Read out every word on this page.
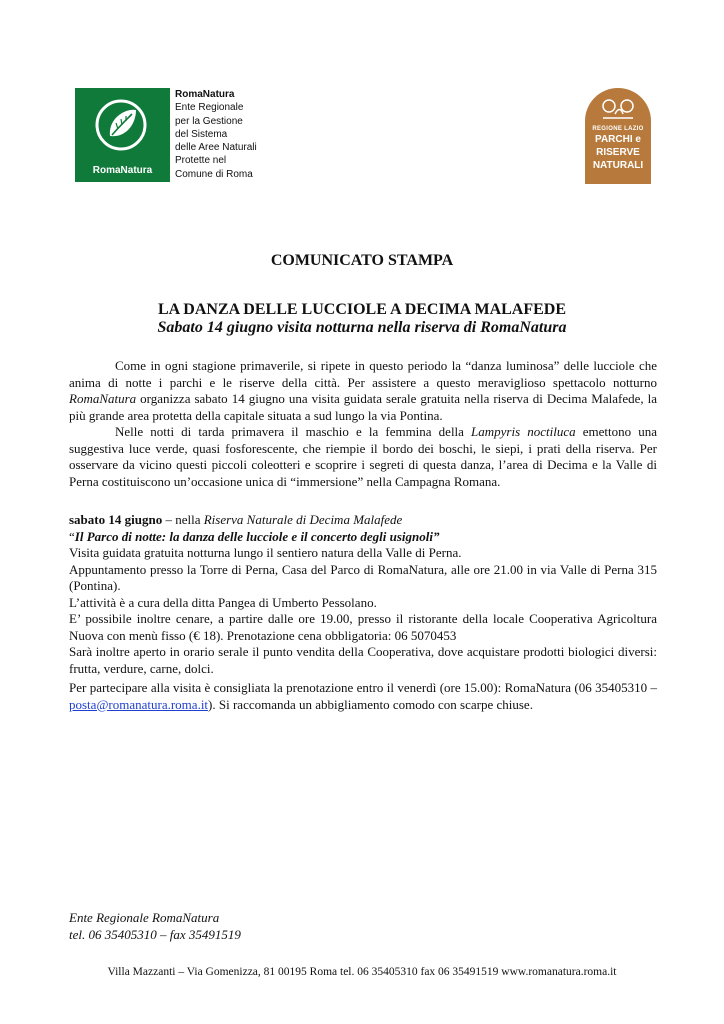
RomaNatura
RomaNatura
Ente Regionale
per la Gestione
del Sistema
delle Aree Naturali
Protette nel
Comune di Roma
REGIONE LAZIO
PARCHI e
RISERVE
NATURALI
COMUNICATO STAMPA
LA DANZA DELLE LUCCIOLE A DECIMA MALAFEDE
Sabato 14 giugno visita notturna nella riserva di RomaNatura
Come in ogni stagione primaverile, si ripete in questo periodo la “danza luminosa” delle lucciole che anima di notte i parchi e le riserve della città. Per assistere a questo meraviglioso spettacolo notturno RomaNatura organizza sabato 14 giugno una visita guidata serale gratuita nella riserva di Decima Malafede, la più grande area protetta della capitale situata a sud lungo la via Pontina.
Nelle notti di tarda primavera il maschio e la femmina della Lampyris noctiluca emettono una suggestiva luce verde, quasi fosforescente, che riempie il bordo dei boschi, le siepi, i prati della riserva. Per osservare da vicino questi piccoli coleotteri e scoprire i segreti di questa danza, l’area di Decima e la Valle di Perna costituiscono un’occasione unica di “immersione” nella Campagna Romana.
sabato 14 giugno – nella Riserva Naturale di Decima Malafede
“Il Parco di notte: la danza delle lucciole e il concerto degli usignoli”
Visita guidata gratuita notturna lungo il sentiero natura della Valle di Perna.
Appuntamento presso la Torre di Perna, Casa del Parco di RomaNatura, alle ore 21.00 in via Valle di Perna 315 (Pontina).
L’attività è a cura della ditta Pangea di Umberto Pessolano.
E’ possibile inoltre cenare, a partire dalle ore 19.00, presso il ristorante della locale Cooperativa Agricoltura Nuova con menù fisso (€ 18). Prenotazione cena obbligatoria: 06 5070453
Sarà inoltre aperto in orario serale il punto vendita della Cooperativa, dove acquistare prodotti biologici diversi: frutta, verdure, carne, dolci.
Per partecipare alla visita è consigliata la prenotazione entro il venerdì (ore 15.00): RomaNatura (06 35405310 – posta@romanatura.roma.it). Si raccomanda un abbigliamento comodo con scarpe chiuse.
Ente Regionale RomaNatura
tel. 06 35405310 – fax 35491519
Villa Mazzanti – Via Gomenizza, 81 00195 Roma tel. 06 35405310 fax 06 35491519 www.romanatura.roma.it
